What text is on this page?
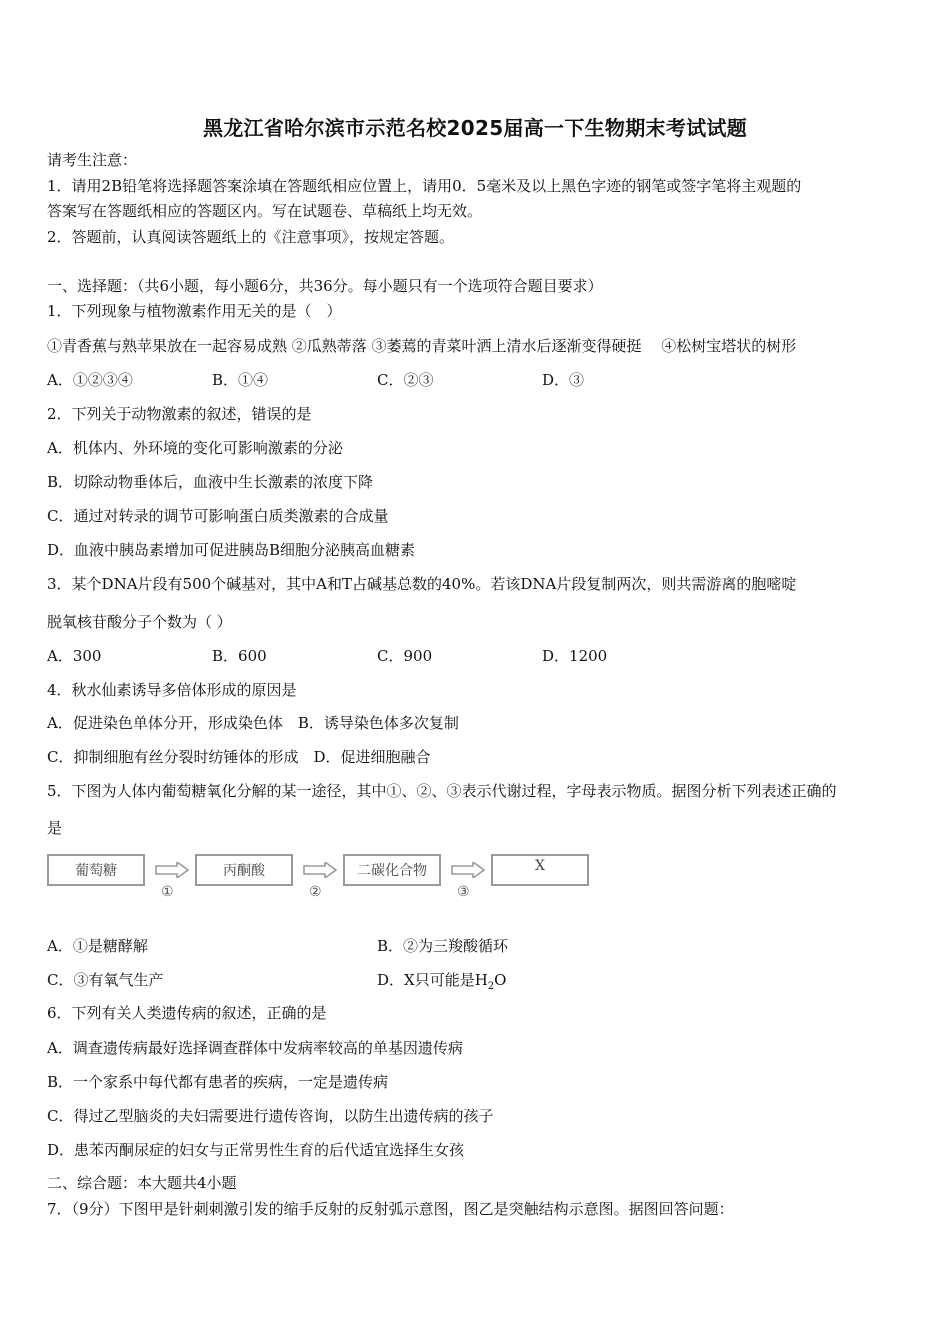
黑龙江省哈尔滨市示范名校2025届高一下生物期末考试试题
请考生注意：
1．请用2B铅笔将选择题答案涂填在答题纸相应位置上，请用0．5毫米及以上黑色字迹的钢笔或签字笔将主观题的
答案写在答题纸相应的答题区内。写在试题卷、草稿纸上均无效。
2．答题前，认真阅读答题纸上的《注意事项》，按规定答题。
一、选择题：（共6小题，每小题6分，共36分。每小题只有一个选项符合题目要求）
1．下列现象与植物激素作用无关的是（　）
①青香蕉与熟苹果放在一起容易成熟 ②瓜熟蒂落 ③萎蔫的青菜叶洒上清水后逐渐变得硬挺　 ④松树宝塔状的树形
A．①②③④	B．①④	C．②③	D．③
2．下列关于动物激素的叙述，错误的是
A．机体内、外环境的变化可影响激素的分泌
B．切除动物垂体后，血液中生长激素的浓度下降
C．通过对转录的调节可影响蛋白质类激素的合成量
D．血液中胰岛素增加可促进胰岛B细胞分泌胰高血糖素
3．某个DNA片段有500个碱基对，其中A和T占碱基总数的40%。若该DNA片段复制两次，则共需游离的胞嘧啶
脱氧核苷酸分子个数为（ ）
A．300	B．600	C．900	D．1200
4．秋水仙素诱导多倍体形成的原因是
A．促进染色单体分开，形成染色体　B．诱导染色体多次复制
C．抑制细胞有丝分裂时纺锤体的形成　D．促进细胞融合
5．下图为人体内葡萄糖氧化分解的某一途径，其中①、②、③表示代谢过程，字母表示物质。据图分析下列表述正确的
是
葡萄糖
①
丙酮酸
②
二碳化合物
③
X
A．①是糖酵解	B．②为三羧酸循环
C．③有氧气生产	D．X只可能是$H_2O$
6．下列有关人类遗传病的叙述，正确的是
A．调查遗传病最好选择调查群体中发病率较高的单基因遗传病
B．一个家系中每代都有患者的疾病，一定是遗传病
C．得过乙型脑炎的夫妇需要进行遗传咨询，以防生出遗传病的孩子
D．患苯丙酮尿症的妇女与正常男性生育的后代适宜选择生女孩
二、综合题：本大题共4小题
7．（9分）下图甲是针刺刺激引发的缩手反射的反射弧示意图，图乙是突触结构示意图。据图回答问题：
